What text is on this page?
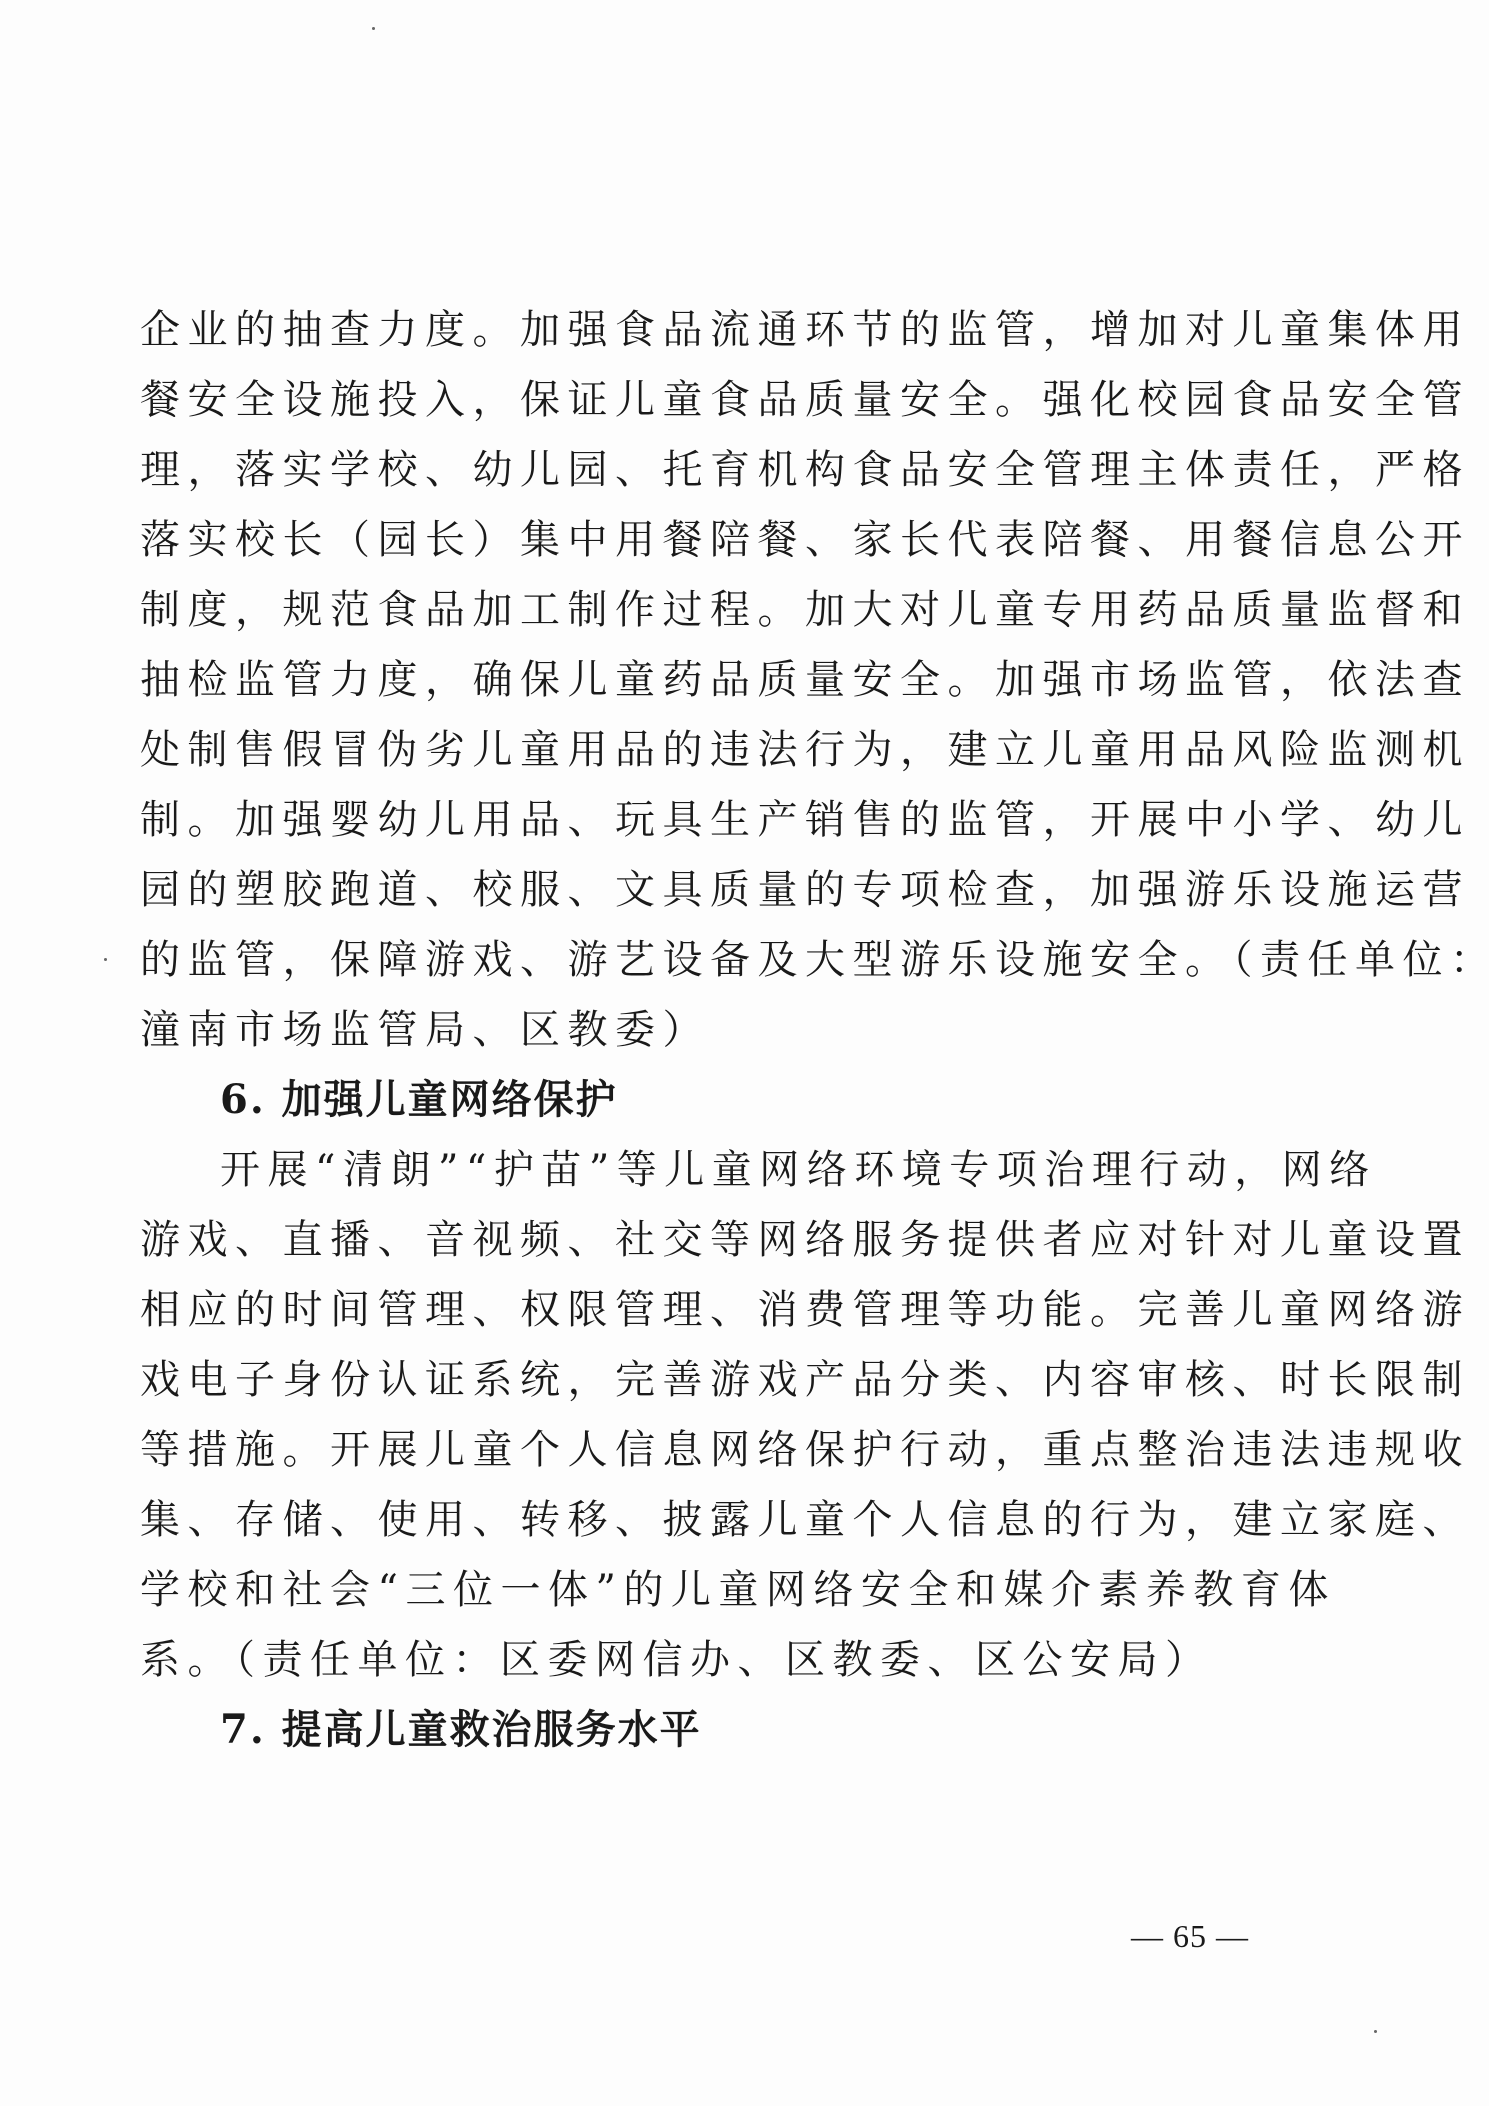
企业的抽查力度。加强食品流通环节的监管，增加对儿童集体用
餐安全设施投入，保证儿童食品质量安全。强化校园食品安全管
理，落实学校、幼儿园、托育机构食品安全管理主体责任，严格
落实校长（园长）集中用餐陪餐、家长代表陪餐、用餐信息公开
制度，规范食品加工制作过程。加大对儿童专用药品质量监督和
抽检监管力度，确保儿童药品质量安全。加强市场监管，依法查
处制售假冒伪劣儿童用品的违法行为，建立儿童用品风险监测机
制。加强婴幼儿用品、玩具生产销售的监管，开展中小学、幼儿
园的塑胶跑道、校服、文具质量的专项检查，加强游乐设施运营
的监管，保障游戏、游艺设备及大型游乐设施安全。（责任单位：
潼南市场监管局、区教委）
6. 加强儿童网络保护
开展“清朗”“护苗”等儿童网络环境专项治理行动，网络
游戏、直播、音视频、社交等网络服务提供者应对针对儿童设置
相应的时间管理、权限管理、消费管理等功能。完善儿童网络游
戏电子身份认证系统，完善游戏产品分类、内容审核、时长限制
等措施。开展儿童个人信息网络保护行动，重点整治违法违规收
集、存储、使用、转移、披露儿童个人信息的行为，建立家庭、
学校和社会“三位一体”的儿童网络安全和媒介素养教育体
系。（责任单位：区委网信办、区教委、区公安局）
7. 提高儿童救治服务水平
— 65 —
